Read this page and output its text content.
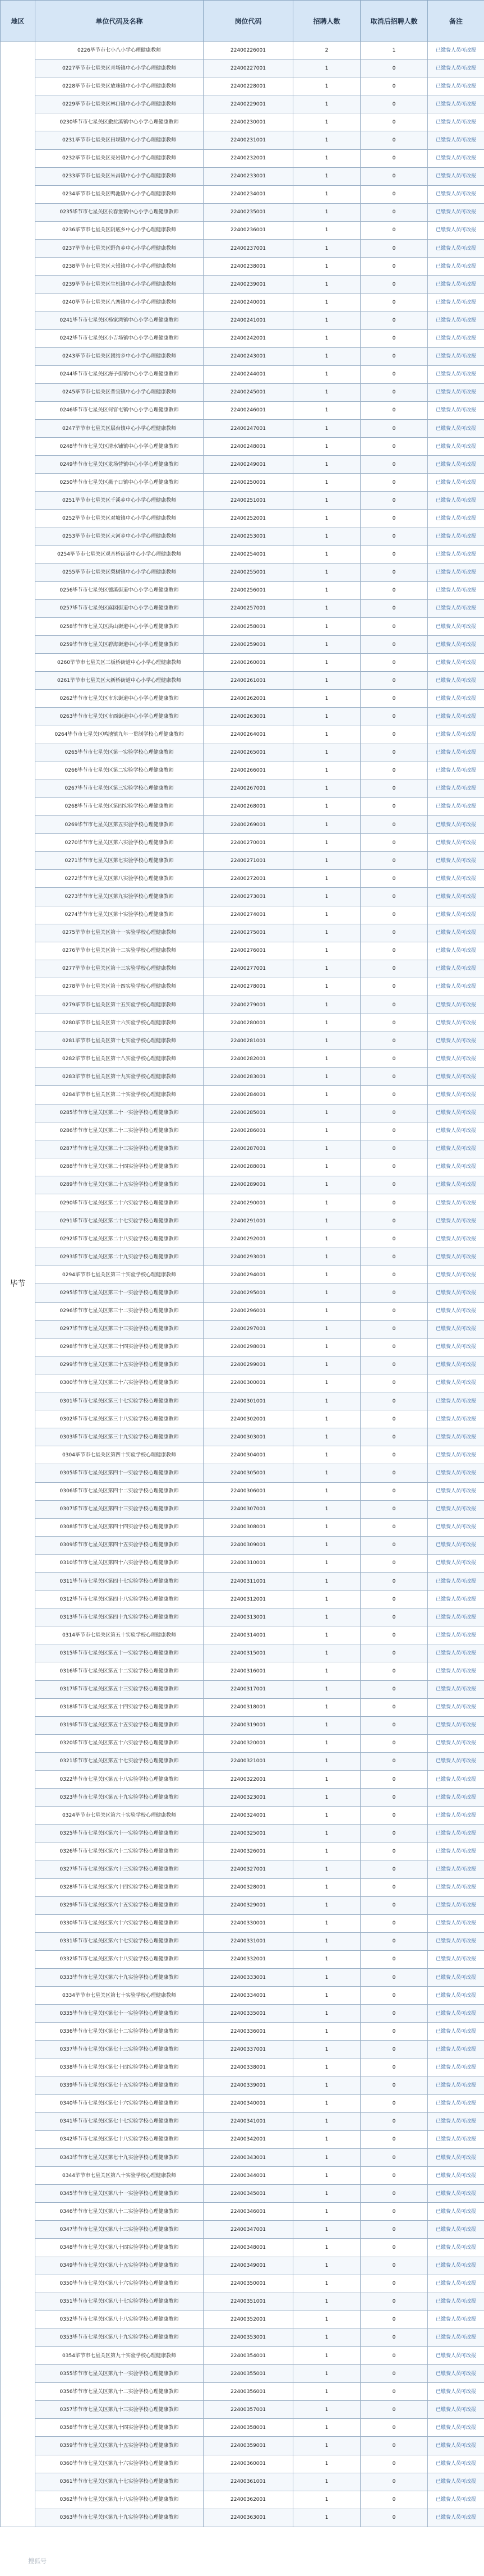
地区	单位代码及名称	岗位代码	招聘人数	取消后招聘人数	备注
毕节	0226毕节市七小八小学心理健康教师	22400226001	2	1	已缴费人员可改报
	0227毕节市七星关区青场镇中心小学心理健康教师	22400227001	1	0	已缴费人员可改报
	0228毕节市七星关区放珠镇中心小学心理健康教师	22400228001	1	0	已缴费人员可改报
	0229毕节市七星关区林口镇中心小学心理健康教师	22400229001	1	0	已缴费人员可改报
	0230毕节市七星关区撒拉溪镇中心小学心理健康教师	22400230001	1	0	已缴费人员可改报
	0231毕节市七星关区田坝镇中心小学心理健康教师	22400231001	1	0	已缴费人员可改报
	0232毕节市七星关区亮岩镇中心小学心理健康教师	22400232001	1	0	已缴费人员可改报
	0233毕节市七星关区朱昌镇中心小学心理健康教师	22400233001	1	0	已缴费人员可改报
	0234毕节市七星关区鸭池镇中心小学心理健康教师	22400234001	1	0	已缴费人员可改报
	0235毕节市七星关区长春堡镇中心小学心理健康教师	22400235001	1	0	已缴费人员可改报
	0236毕节市七星关区阴底乡中心小学心理健康教师	22400236001	1	0	已缴费人员可改报
	0237毕节市七星关区野角乡中心小学心理健康教师	22400237001	1	0	已缴费人员可改报
	0238毕节市七星关区大银镇中心小学心理健康教师	22400238001	1	0	已缴费人员可改报
	0239毕节市七星关区生机镇中心小学心理健康教师	22400239001	1	0	已缴费人员可改报
	0240毕节市七星关区八寨镇中心小学心理健康教师	22400240001	1	0	已缴费人员可改报
	0241毕节市七星关区杨家湾镇中心小学心理健康教师	22400241001	1	0	已缴费人员可改报
	0242毕节市七星关区小吉场镇中心小学心理健康教师	22400242001	1	0	已缴费人员可改报
	0243毕节市七星关区团结乡中心小学心理健康教师	22400243001	1	0	已缴费人员可改报
	0244毕节市七星关区海子街镇中心小学心理健康教师	22400244001	1	0	已缴费人员可改报
	0245毕节市七星关区普宜镇中心小学心理健康教师	22400245001	1	0	已缴费人员可改报
	0246毕节市七星关区何官屯镇中心小学心理健康教师	22400246001	1	0	已缴费人员可改报
	0247毕节市七星关区层台镇中心小学心理健康教师	22400247001	1	0	已缴费人员可改报
	0248毕节市七星关区清水铺镇中心小学心理健康教师	22400248001	1	0	已缴费人员可改报
	0249毕节市七星关区龙场营镇中心小学心理健康教师	22400249001	1	0	已缴费人员可改报
	0250毕节市七星关区燕子口镇中心小学心理健康教师	22400250001	1	0	已缴费人员可改报
	0251毕节市七星关区千溪乡中心小学心理健康教师	22400251001	1	0	已缴费人员可改报
	0252毕节市七星关区对坡镇中心小学心理健康教师	22400252001	1	0	已缴费人员可改报
	0253毕节市七星关区大河乡中心小学心理健康教师	22400253001	1	0	已缴费人员可改报
	0254毕节市七星关区观音桥街道中心小学心理健康教师	22400254001	1	0	已缴费人员可改报
	0255毕节市七星关区梨树镇中心小学心理健康教师	22400255001	1	0	已缴费人员可改报
	0256毕节市七星关区德溪街道中心小学心理健康教师	22400256001	1	0	已缴费人员可改报
	0257毕节市七星关区麻园街道中心小学心理健康教师	22400257001	1	0	已缴费人员可改报
	0258毕节市七星关区洪山街道中心小学心理健康教师	22400258001	1	0	已缴费人员可改报
	0259毕节市七星关区碧海街道中心小学心理健康教师	22400259001	1	0	已缴费人员可改报
	0260毕节市七星关区三板桥街道中心小学心理健康教师	22400260001	1	0	已缴费人员可改报
	0261毕节市七星关区大新桥街道中心小学心理健康教师	22400261001	1	0	已缴费人员可改报
	0262毕节市七星关区市东街道中心小学心理健康教师	22400262001	1	0	已缴费人员可改报
	0263毕节市七星关区市西街道中心小学心理健康教师	22400263001	1	0	已缴费人员可改报
	0264毕节市七星关区鸭池镇九年一贯制学校心理健康教师	22400264001	1	0	已缴费人员可改报
	0265毕节市七星关区第一实验学校心理健康教师	22400265001	1	0	已缴费人员可改报
	0266毕节市七星关区第二实验学校心理健康教师	22400266001	1	0	已缴费人员可改报
	0267毕节市七星关区第三实验学校心理健康教师	22400267001	1	0	已缴费人员可改报
	0268毕节市七星关区第四实验学校心理健康教师	22400268001	1	0	已缴费人员可改报
	0269毕节市七星关区第五实验学校心理健康教师	22400269001	1	0	已缴费人员可改报
	0270毕节市七星关区第六实验学校心理健康教师	22400270001	1	0	已缴费人员可改报
	0271毕节市七星关区第七实验学校心理健康教师	22400271001	1	0	已缴费人员可改报
	0272毕节市七星关区第八实验学校心理健康教师	22400272001	1	0	已缴费人员可改报
	0273毕节市七星关区第九实验学校心理健康教师	22400273001	1	0	已缴费人员可改报
	0274毕节市七星关区第十实验学校心理健康教师	22400274001	1	0	已缴费人员可改报
	0275毕节市七星关区第十一实验学校心理健康教师	22400275001	1	0	已缴费人员可改报
	0276毕节市七星关区第十二实验学校心理健康教师	22400276001	1	0	已缴费人员可改报
	0277毕节市七星关区第十三实验学校心理健康教师	22400277001	1	0	已缴费人员可改报
	0278毕节市七星关区第十四实验学校心理健康教师	22400278001	1	0	已缴费人员可改报
	0279毕节市七星关区第十五实验学校心理健康教师	22400279001	1	0	已缴费人员可改报
	0280毕节市七星关区第十六实验学校心理健康教师	22400280001	1	0	已缴费人员可改报
	0281毕节市七星关区第十七实验学校心理健康教师	22400281001	1	0	已缴费人员可改报
	0282毕节市七星关区第十八实验学校心理健康教师	22400282001	1	0	已缴费人员可改报
	0283毕节市七星关区第十九实验学校心理健康教师	22400283001	1	0	已缴费人员可改报
	0284毕节市七星关区第二十实验学校心理健康教师	22400284001	1	0	已缴费人员可改报
	0285毕节市七星关区第二十一实验学校心理健康教师	22400285001	1	0	已缴费人员可改报
	0286毕节市七星关区第二十二实验学校心理健康教师	22400286001	1	0	已缴费人员可改报
	0287毕节市七星关区第二十三实验学校心理健康教师	22400287001	1	0	已缴费人员可改报
	0288毕节市七星关区第二十四实验学校心理健康教师	22400288001	1	0	已缴费人员可改报
	0289毕节市七星关区第二十五实验学校心理健康教师	22400289001	1	0	已缴费人员可改报
	0290毕节市七星关区第二十六实验学校心理健康教师	22400290001	1	0	已缴费人员可改报
	0291毕节市七星关区第二十七实验学校心理健康教师	22400291001	1	0	已缴费人员可改报
	0292毕节市七星关区第二十八实验学校心理健康教师	22400292001	1	0	已缴费人员可改报
	0293毕节市七星关区第二十九实验学校心理健康教师	22400293001	1	0	已缴费人员可改报
	0294毕节市七星关区第三十实验学校心理健康教师	22400294001	1	0	已缴费人员可改报
	0295毕节市七星关区第三十一实验学校心理健康教师	22400295001	1	0	已缴费人员可改报
	0296毕节市七星关区第三十二实验学校心理健康教师	22400296001	1	0	已缴费人员可改报
	0297毕节市七星关区第三十三实验学校心理健康教师	22400297001	1	0	已缴费人员可改报
	0298毕节市七星关区第三十四实验学校心理健康教师	22400298001	1	0	已缴费人员可改报
	0299毕节市七星关区第三十五实验学校心理健康教师	22400299001	1	0	已缴费人员可改报
	0300毕节市七星关区第三十六实验学校心理健康教师	22400300001	1	0	已缴费人员可改报
	0301毕节市七星关区第三十七实验学校心理健康教师	22400301001	1	0	已缴费人员可改报
	0302毕节市七星关区第三十八实验学校心理健康教师	22400302001	1	0	已缴费人员可改报
	0303毕节市七星关区第三十九实验学校心理健康教师	22400303001	1	0	已缴费人员可改报
	0304毕节市七星关区第四十实验学校心理健康教师	22400304001	1	0	已缴费人员可改报
	0305毕节市七星关区第四十一实验学校心理健康教师	22400305001	1	0	已缴费人员可改报
	0306毕节市七星关区第四十二实验学校心理健康教师	22400306001	1	0	已缴费人员可改报
	0307毕节市七星关区第四十三实验学校心理健康教师	22400307001	1	0	已缴费人员可改报
	0308毕节市七星关区第四十四实验学校心理健康教师	22400308001	1	0	已缴费人员可改报
	0309毕节市七星关区第四十五实验学校心理健康教师	22400309001	1	0	已缴费人员可改报
	0310毕节市七星关区第四十六实验学校心理健康教师	22400310001	1	0	已缴费人员可改报
	0311毕节市七星关区第四十七实验学校心理健康教师	22400311001	1	0	已缴费人员可改报
	0312毕节市七星关区第四十八实验学校心理健康教师	22400312001	1	0	已缴费人员可改报
	0313毕节市七星关区第四十九实验学校心理健康教师	22400313001	1	0	已缴费人员可改报
	0314毕节市七星关区第五十实验学校心理健康教师	22400314001	1	0	已缴费人员可改报
	0315毕节市七星关区第五十一实验学校心理健康教师	22400315001	1	0	已缴费人员可改报
	0316毕节市七星关区第五十二实验学校心理健康教师	22400316001	1	0	已缴费人员可改报
	0317毕节市七星关区第五十三实验学校心理健康教师	22400317001	1	0	已缴费人员可改报
	0318毕节市七星关区第五十四实验学校心理健康教师	22400318001	1	0	已缴费人员可改报
	0319毕节市七星关区第五十五实验学校心理健康教师	22400319001	1	0	已缴费人员可改报
	0320毕节市七星关区第五十六实验学校心理健康教师	22400320001	1	0	已缴费人员可改报
	0321毕节市七星关区第五十七实验学校心理健康教师	22400321001	1	0	已缴费人员可改报
	0322毕节市七星关区第五十八实验学校心理健康教师	22400322001	1	0	已缴费人员可改报
	0323毕节市七星关区第五十九实验学校心理健康教师	22400323001	1	0	已缴费人员可改报
	0324毕节市七星关区第六十实验学校心理健康教师	22400324001	1	0	已缴费人员可改报
	0325毕节市七星关区第六十一实验学校心理健康教师	22400325001	1	0	已缴费人员可改报
	0326毕节市七星关区第六十二实验学校心理健康教师	22400326001	1	0	已缴费人员可改报
	0327毕节市七星关区第六十三实验学校心理健康教师	22400327001	1	0	已缴费人员可改报
	0328毕节市七星关区第六十四实验学校心理健康教师	22400328001	1	0	已缴费人员可改报
	0329毕节市七星关区第六十五实验学校心理健康教师	22400329001	1	0	已缴费人员可改报
	0330毕节市七星关区第六十六实验学校心理健康教师	22400330001	1	0	已缴费人员可改报
	0331毕节市七星关区第六十七实验学校心理健康教师	22400331001	1	0	已缴费人员可改报
	0332毕节市七星关区第六十八实验学校心理健康教师	22400332001	1	0	已缴费人员可改报
	0333毕节市七星关区第六十九实验学校心理健康教师	22400333001	1	0	已缴费人员可改报
	0334毕节市七星关区第七十实验学校心理健康教师	22400334001	1	0	已缴费人员可改报
	0335毕节市七星关区第七十一实验学校心理健康教师	22400335001	1	0	已缴费人员可改报
	0336毕节市七星关区第七十二实验学校心理健康教师	22400336001	1	0	已缴费人员可改报
	0337毕节市七星关区第七十三实验学校心理健康教师	22400337001	1	0	已缴费人员可改报
	0338毕节市七星关区第七十四实验学校心理健康教师	22400338001	1	0	已缴费人员可改报
	0339毕节市七星关区第七十五实验学校心理健康教师	22400339001	1	0	已缴费人员可改报
	0340毕节市七星关区第七十六实验学校心理健康教师	22400340001	1	0	已缴费人员可改报
	0341毕节市七星关区第七十七实验学校心理健康教师	22400341001	1	0	已缴费人员可改报
	0342毕节市七星关区第七十八实验学校心理健康教师	22400342001	1	0	已缴费人员可改报
	0343毕节市七星关区第七十九实验学校心理健康教师	22400343001	1	0	已缴费人员可改报
	0344毕节市七星关区第八十实验学校心理健康教师	22400344001	1	0	已缴费人员可改报
	0345毕节市七星关区第八十一实验学校心理健康教师	22400345001	1	0	已缴费人员可改报
	0346毕节市七星关区第八十二实验学校心理健康教师	22400346001	1	0	已缴费人员可改报
	0347毕节市七星关区第八十三实验学校心理健康教师	22400347001	1	0	已缴费人员可改报
	0348毕节市七星关区第八十四实验学校心理健康教师	22400348001	1	0	已缴费人员可改报
	0349毕节市七星关区第八十五实验学校心理健康教师	22400349001	1	0	已缴费人员可改报
	0350毕节市七星关区第八十六实验学校心理健康教师	22400350001	1	0	已缴费人员可改报
	0351毕节市七星关区第八十七实验学校心理健康教师	22400351001	1	0	已缴费人员可改报
	0352毕节市七星关区第八十八实验学校心理健康教师	22400352001	1	0	已缴费人员可改报
	0353毕节市七星关区第八十九实验学校心理健康教师	22400353001	1	0	已缴费人员可改报
	0354毕节市七星关区第九十实验学校心理健康教师	22400354001	1	0	已缴费人员可改报
	0355毕节市七星关区第九十一实验学校心理健康教师	22400355001	1	0	已缴费人员可改报
	0356毕节市七星关区第九十二实验学校心理健康教师	22400356001	1	0	已缴费人员可改报
	0357毕节市七星关区第九十三实验学校心理健康教师	22400357001	1	0	已缴费人员可改报
	0358毕节市七星关区第九十四实验学校心理健康教师	22400358001	1	0	已缴费人员可改报
	0359毕节市七星关区第九十五实验学校心理健康教师	22400359001	1	0	已缴费人员可改报
	0360毕节市七星关区第九十六实验学校心理健康教师	22400360001	1	0	已缴费人员可改报
	0361毕节市七星关区第九十七实验学校心理健康教师	22400361001	1	0	已缴费人员可改报
	0362毕节市七星关区第九十八实验学校心理健康教师	22400362001	1	0	已缴费人员可改报
	0363毕节市七星关区第九十九实验学校心理健康教师	22400363001	1	0	已缴费人员可改报
搜狐号
